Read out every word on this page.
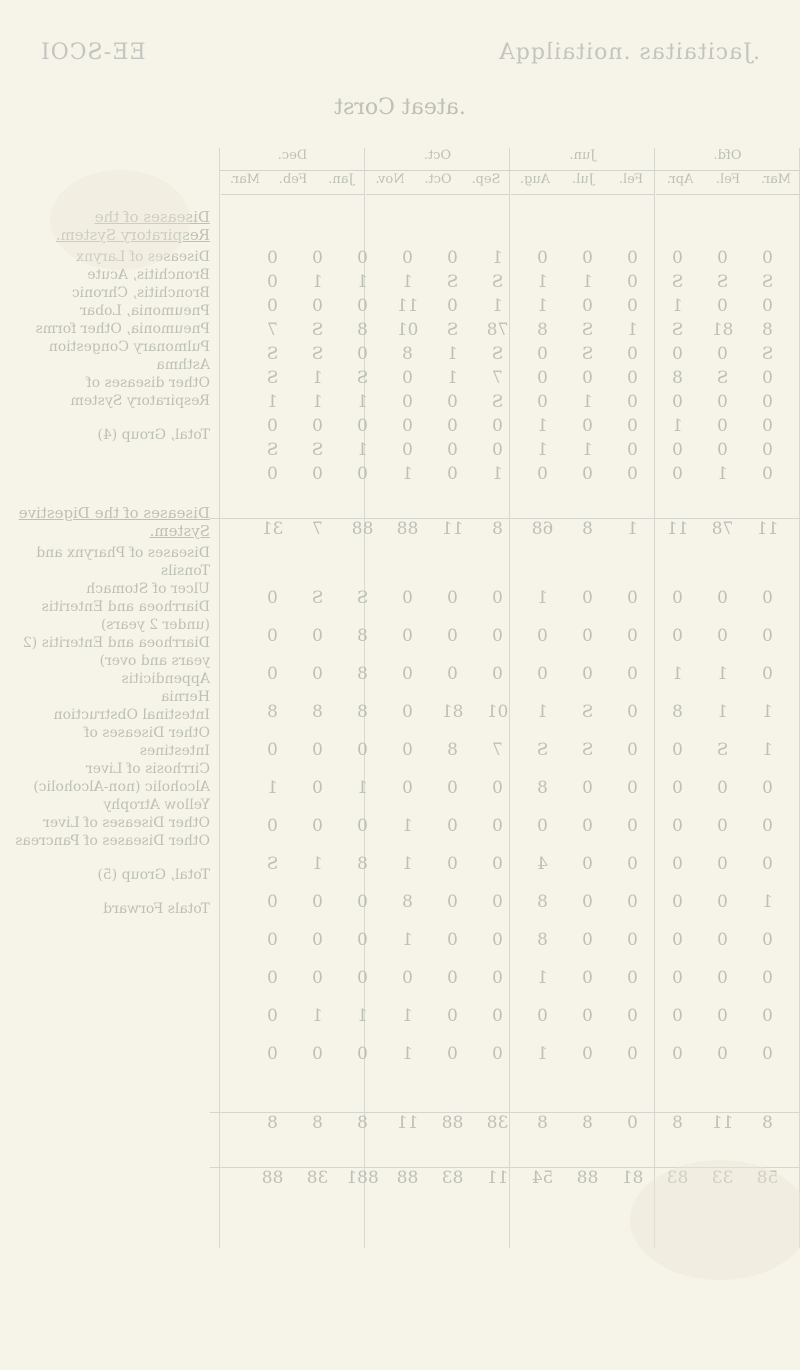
.Jacitaitas .noitailqqA
EE-SCOI
.ateat Corst
Ofd.
Mar.
Fel.
Apr.
Jun.
Fel.
Jul.
Aug.
Oct.
Sep.
Oct.
Nov.
Dec.
Jan.
Feb.
Mar.
0
0
0
0
0
0
1
0
0
0
0
0
S
S
S
0
1
1
S
S
1
1
1
0
0
0
1
0
0
1
1
0
11
0
0
0
8
81
S
1
S
8
78
S
01
8
S
7
S
0
0
0
S
0
S
1
8
0
S
S
0
S
8
0
0
0
7
1
0
S
1
S
0
0
0
0
1
0
S
0
0
1
1
1
0
0
1
0
0
1
0
0
0
0
0
0
0
0
0
0
1
1
0
0
0
1
S
S
0
1
0
0
0
0
1
0
1
0
0
0
11
78
11
1
8
68
8
11
88
88
7
31
0
0
0
0
0
1
0
0
0
S
S
0
0
0
0
0
0
0
0
0
0
8
0
0
0
1
1
0
0
0
0
0
0
8
0
0
1
1
8
0
S
1
01
81
0
8
8
8
1
S
0
0
S
S
7
8
0
0
0
0
0
0
0
0
0
8
0
0
0
1
0
1
0
0
0
0
0
0
0
0
1
0
0
0
0
0
0
0
0
4
0
0
1
8
1
S
1
0
0
0
0
8
0
0
8
0
0
0
0
0
0
0
0
8
0
0
1
0
0
0
0
0
0
0
0
1
0
0
0
0
0
0
0
0
0
0
0
0
0
0
1
1
1
0
0
0
0
0
0
1
0
0
1
0
0
0
8
11
8
0
8
8
38
88
11
8
8
8
58
33
83
81
88
54
11
83
88
881
38
88
Diseases of the Respiratory System.
Diseases of Larynx
Bronchitis, Acute
Bronchitis, Chronic
Pneumonia, Lobar
Pneumonia, Other forms
Pulmonary Congestion
Asthma
Other diseases of Respiratory System
Total, Group (4)
Diseases of the Digestive System.
Diseases of Pharynx and Tonsils
Ulcer of Stomach
Diarrhoea and Enteritis (under 2 years)
Diarrhoea and Enteritis (2 years and over)
Appendicitis
Hernia
Intestinal Obstruction
Other Diseases of Intestines
Cirrhosis of Liver
Alcoholic (non-Alcoholic)
Yellow Atrophy
Other Diseases of Liver
Other Diseases of Pancreas
Total, Group (5)
Totals Forward
